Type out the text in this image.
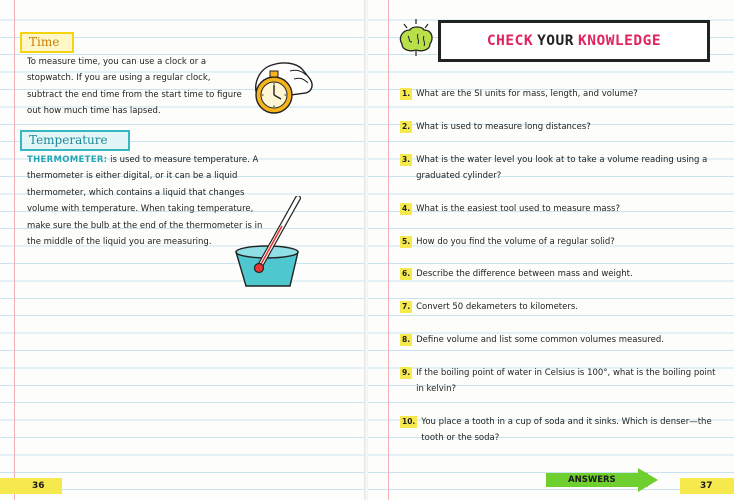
Time

To measure time, you can use a clock or a stopwatch. If you are using a regular clock, subtract the end time from the start time to figure out how much time has lapsed.

Temperature

THERMOMETER: is used to measure temperature. A thermometer is either digital, or it can be a liquid thermometer, which contains a liquid that changes volume with temperature. When taking temperature, make sure the bulb at the end of the thermometer is in the middle of the liquid you are measuring.

36
CHECK YOUR KNOWLEDGE
1. What are the SI units for mass, length, and volume?
2. What is used to measure long distances?
3. What is the water level you look at to take a volume reading using a graduated cylinder?
4. What is the easiest tool used to measure mass?
5. How do you find the volume of a regular solid?
6. Describe the difference between mass and weight.
7. Convert 50 dekameters to kilometers.
8. Define volume and list some common volumes measured.
9. If the boiling point of water in Celsius is 100°, what is the boiling point in kelvin?
10. You place a tooth in a cup of soda and it sinks. Which is denser—the tooth or the soda?
ANSWERS
37
